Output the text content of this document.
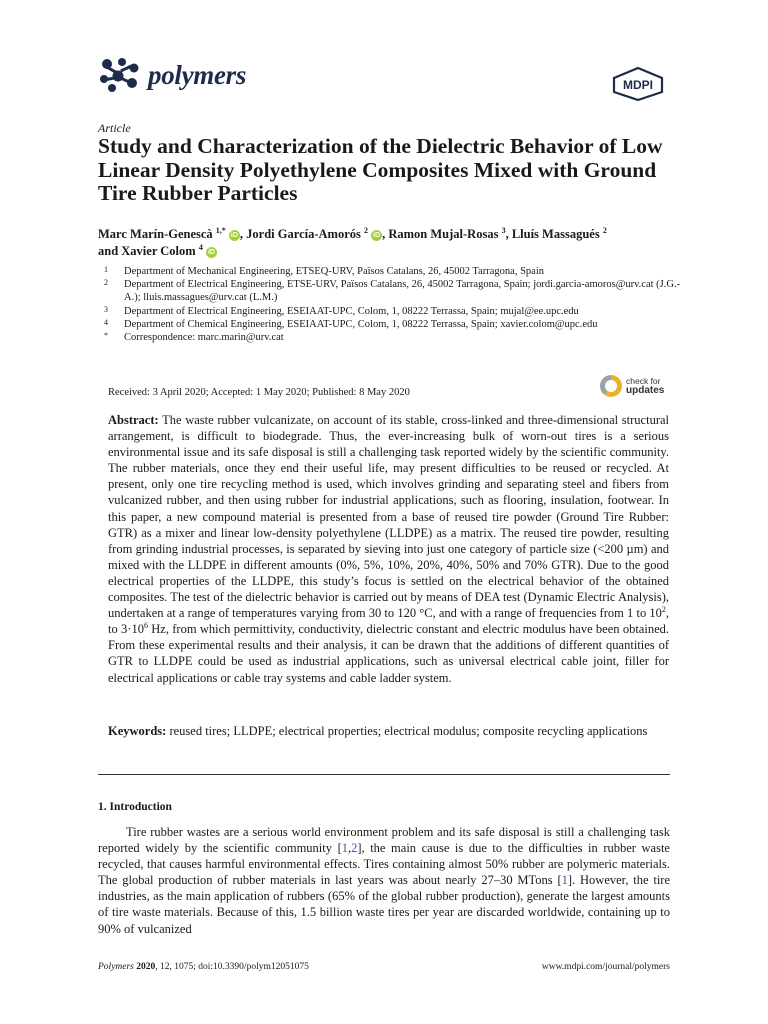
polymers	MDPI
Article
Study and Characterization of the Dielectric Behavior of Low Linear Density Polyethylene Composites Mixed with Ground Tire Rubber Particles
Marc Marín-Genescà $^{1,*}$ iD , Jordi García-Amorós $^2$ iD , Ramon Mujal-Rosas $^3$, Lluís Massagués $^2$
and Xavier Colom $^4$ iD
1 Department of Mechanical Engineering, ETSEQ-URV, Països Catalans, 26, 45002 Tarragona, Spain
2 Department of Electrical Engineering, ETSE-URV, Països Catalans, 26, 45002 Tarragona, Spain; jordi.garcia-amoros@urv.cat (J.G.-A.); lluis.massagues@urv.cat (L.M.)
3 Department of Electrical Engineering, ESEIAAT-UPC, Colom, 1, 08222 Terrassa, Spain; mujal@ee.upc.edu
4 Department of Chemical Engineering, ESEIAAT-UPC, Colom, 1, 08222 Terrassa, Spain; xavier.colom@upc.edu
* Correspondence: marc.marin@urv.cat
Received: 3 April 2020; Accepted: 1 May 2020; Published: 8 May 2020
check for
updates
Abstract: The waste rubber vulcanizate, on account of its stable, cross-linked and three-dimensional structural arrangement, is difficult to biodegrade. Thus, the ever-increasing bulk of worn-out tires is a serious environmental issue and its safe disposal is still a challenging task reported widely by the scientific community. The rubber materials, once they end their useful life, may present difficulties to be reused or recycled. At present, only one tire recycling method is used, which involves grinding and separating steel and fibers from vulcanized rubber, and then using rubber for industrial applications, such as flooring, insulation, footwear. In this paper, a new compound material is presented from a base of reused tire powder (Ground Tire Rubber: GTR) as a mixer and linear low-density polyethylene (LLDPE) as a matrix. The reused tire powder, resulting from grinding industrial processes, is separated by sieving into just one category of particle size (<200 µm) and mixed with the LLDPE in different amounts (0%, 5%, 10%, 20%, 40%, 50% and 70% GTR). Due to the good electrical properties of the LLDPE, this study’s focus is settled on the electrical behavior of the obtained composites. The test of the dielectric behavior is carried out by means of DEA test (Dynamic Electric Analysis), undertaken at a range of temperatures varying from 30 to 120 °C, and with a range of frequencies from 1 to $10^2$, to $3\cdot 10^6$ Hz, from which permittivity, conductivity, dielectric constant and electric modulus have been obtained. From these experimental results and their analysis, it can be drawn that the additions of different quantities of GTR to LLDPE could be used as industrial applications, such as universal electrical cable joint, filler for electrical applications or cable tray systems and cable ladder system.
Keywords: reused tires; LLDPE; electrical properties; electrical modulus; composite recycling applications
1. Introduction
Tire rubber wastes are a serious world environment problem and its safe disposal is still a challenging task reported widely by the scientific community [1,2], the main cause is due to the difficulties in rubber waste recycled, that causes harmful environmental effects. Tires containing almost 50% rubber are polymeric materials. The global production of rubber materials in last years was about nearly 27–30 MTons [1]. However, the tire industries, as the main application of rubbers (65% of the global rubber production), generate the largest amounts of tire waste materials. Because of this, 1.5 billion waste tires per year are discarded worldwide, containing up to 90% of vulcanized
Polymers 2020, 12, 1075; doi:10.3390/polym12051075	www.mdpi.com/journal/polymers
